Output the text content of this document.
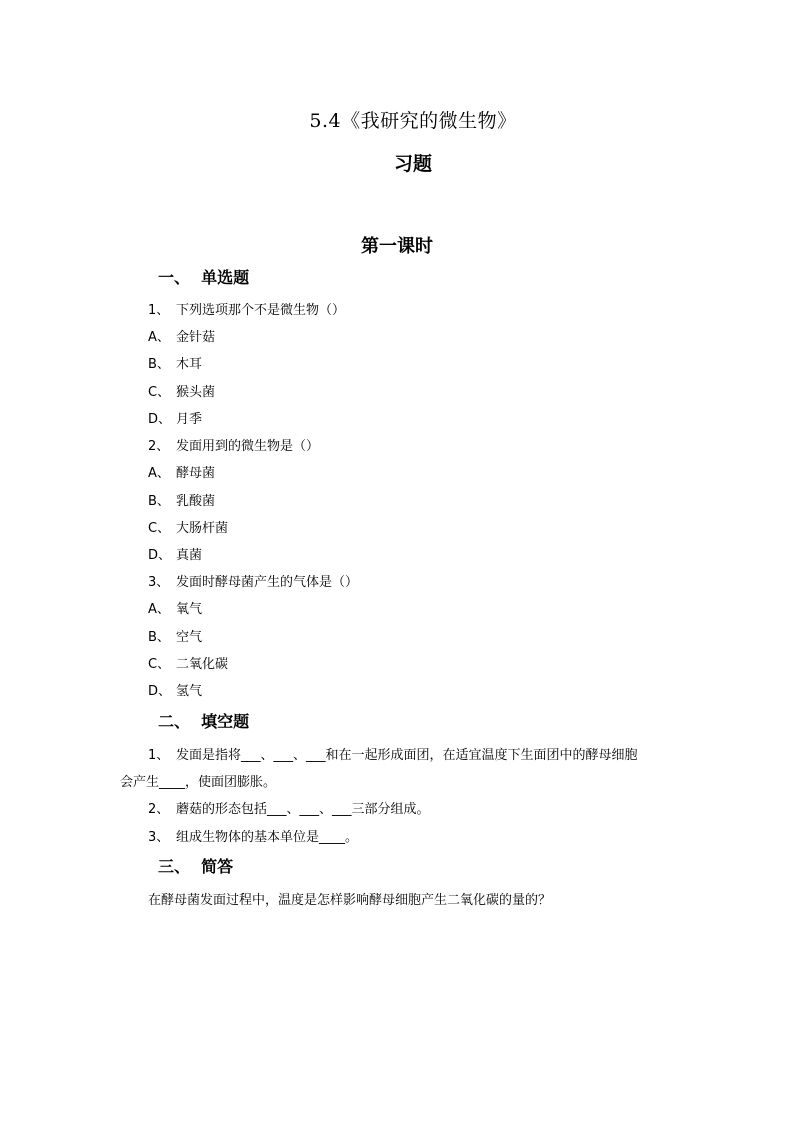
5.4《我研究的微生物》
习题
第一课时
一、  单选题
1、 下列选项那个不是微生物（）
A、 金针菇
B、 木耳
C、 猴头菌
D、 月季
2、 发面用到的微生物是（）
A、 酵母菌
B、 乳酸菌
C、 大肠杆菌
D、 真菌
3、 发面时酵母菌产生的气体是（）
A、 氧气
B、 空气
C、 二氧化碳
D、 氢气
二、  填空题
1、 发面是指将___、___、___和在一起形成面团，在适宜温度下生面团中的酵母细胞
会产生____，使面团膨胀。
2、 蘑菇的形态包括___、___、___三部分组成。
3、 组成生物体的基本单位是____。
三、  简答
在酵母菌发面过程中，温度是怎样影响酵母细胞产生二氧化碳的量的？
